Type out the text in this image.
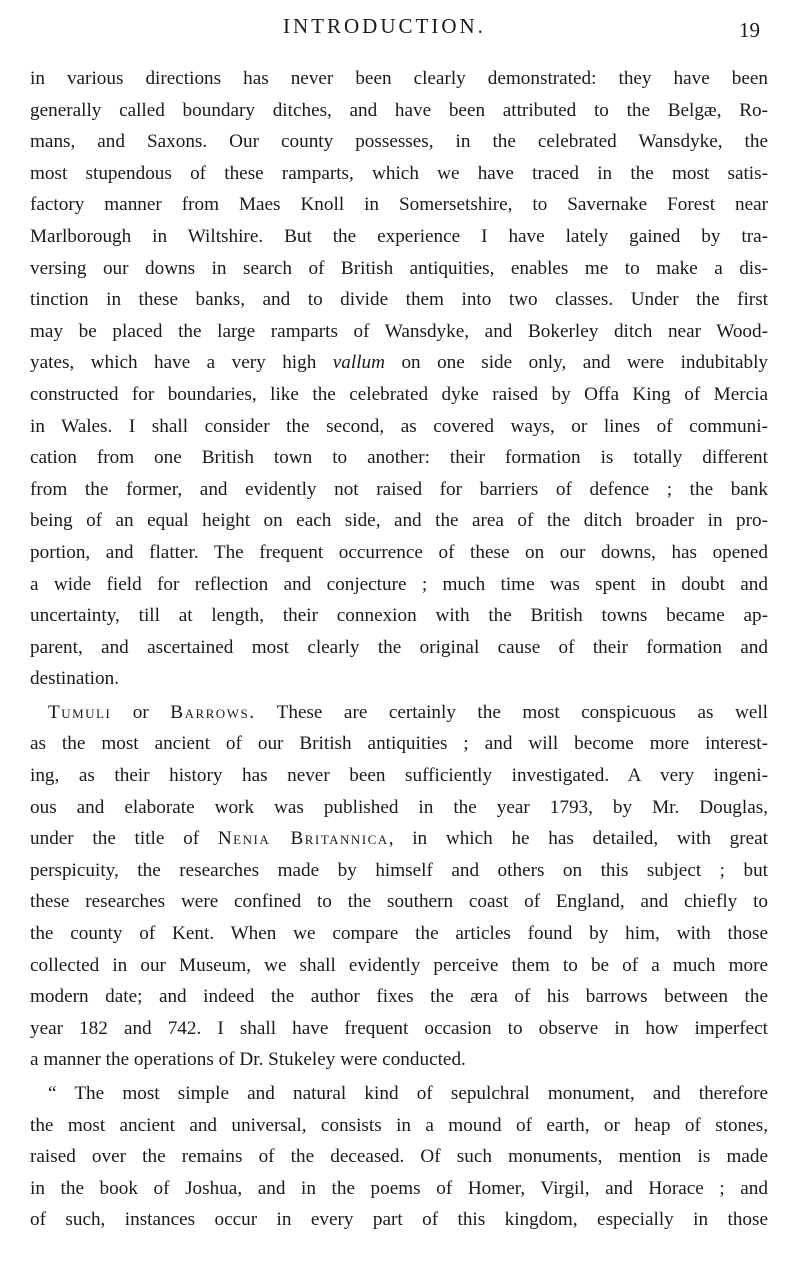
INTRODUCTION.	19
in various directions has never been clearly demonstrated: they have been
generally called boundary ditches, and have been attributed to the Belgæ, Ro-
mans, and Saxons. Our county possesses, in the celebrated Wansdyke, the
most stupendous of these ramparts, which we have traced in the most satis-
factory manner from Maes Knoll in Somersetshire, to Savernake Forest near
Marlborough in Wiltshire. But the experience I have lately gained by tra-
versing our downs in search of British antiquities, enables me to make a dis-
tinction in these banks, and to divide them into two classes. Under the first
may be placed the large ramparts of Wansdyke, and Bokerley ditch near Wood-
yates, which have a very high vallum on one side only, and were indubitably
constructed for boundaries, like the celebrated dyke raised by Offa King of Mercia
in Wales. I shall consider the second, as covered ways, or lines of communi-
cation from one British town to another: their formation is totally different
from the former, and evidently not raised for barriers of defence ; the bank
being of an equal height on each side, and the area of the ditch broader in pro-
portion, and flatter. The frequent occurrence of these on our downs, has opened
a wide field for reflection and conjecture ; much time was spent in doubt and
uncertainty, till at length, their connexion with the British towns became ap-
parent, and ascertained most clearly the original cause of their formation and
destination.
Tumuli or Barrows. These are certainly the most conspicuous as well
as the most ancient of our British antiquities ; and will become more interest-
ing, as their history has never been sufficiently investigated. A very ingeni-
ous and elaborate work was published in the year 1793, by Mr. Douglas,
under the title of Nenia Britannica, in which he has detailed, with great
perspicuity, the researches made by himself and others on this subject ; but
these researches were confined to the southern coast of England, and chiefly to
the county of Kent. When we compare the articles found by him, with those
collected in our Museum, we shall evidently perceive them to be of a much more
modern date; and indeed the author fixes the æra of his barrows between the
year 182 and 742. I shall have frequent occasion to observe in how imperfect
a manner the operations of Dr. Stukeley were conducted.
“ The most simple and natural kind of sepulchral monument, and therefore
the most ancient and universal, consists in a mound of earth, or heap of stones,
raised over the remains of the deceased. Of such monuments, mention is made
in the book of Joshua, and in the poems of Homer, Virgil, and Horace ; and
of such, instances occur in every part of this kingdom, especially in those
